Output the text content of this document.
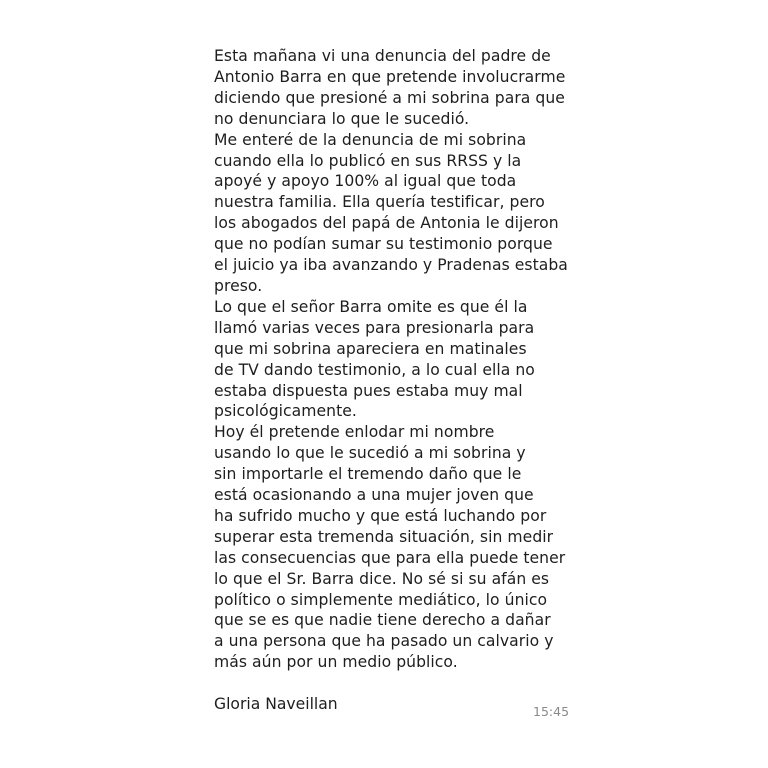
Esta mañana vi una denuncia del padre de
Antonio Barra en que pretende involucrarme
diciendo que presioné a mi sobrina para que
no denunciara lo que le sucedió.
Me enteré de la denuncia de mi sobrina
cuando ella lo publicó en sus RRSS y la
apoyé y apoyo 100% al igual que toda
nuestra familia. Ella quería testificar, pero
los abogados del papá de Antonia le dijeron
que no podían sumar su testimonio porque
el juicio ya iba avanzando y Pradenas estaba
preso.
Lo que el señor Barra omite es que él la
llamó varias veces para presionarla para
que mi sobrina apareciera en matinales
de TV dando testimonio, a lo cual ella no
estaba dispuesta pues estaba muy mal
psicológicamente.
Hoy él pretende enlodar mi nombre
usando lo que le sucedió a mi sobrina y
sin importarle el tremendo daño que le
está ocasionando a una mujer joven que
ha sufrido mucho y que está luchando por
superar esta tremenda situación, sin medir
las consecuencias que para ella puede tener
lo que el Sr. Barra dice. No sé si su afán es
político o simplemente mediático, lo único
que se es que nadie tiene derecho a dañar
a una persona que ha pasado un calvario y
más aún por un medio público.
Gloria Naveillan	15:45
